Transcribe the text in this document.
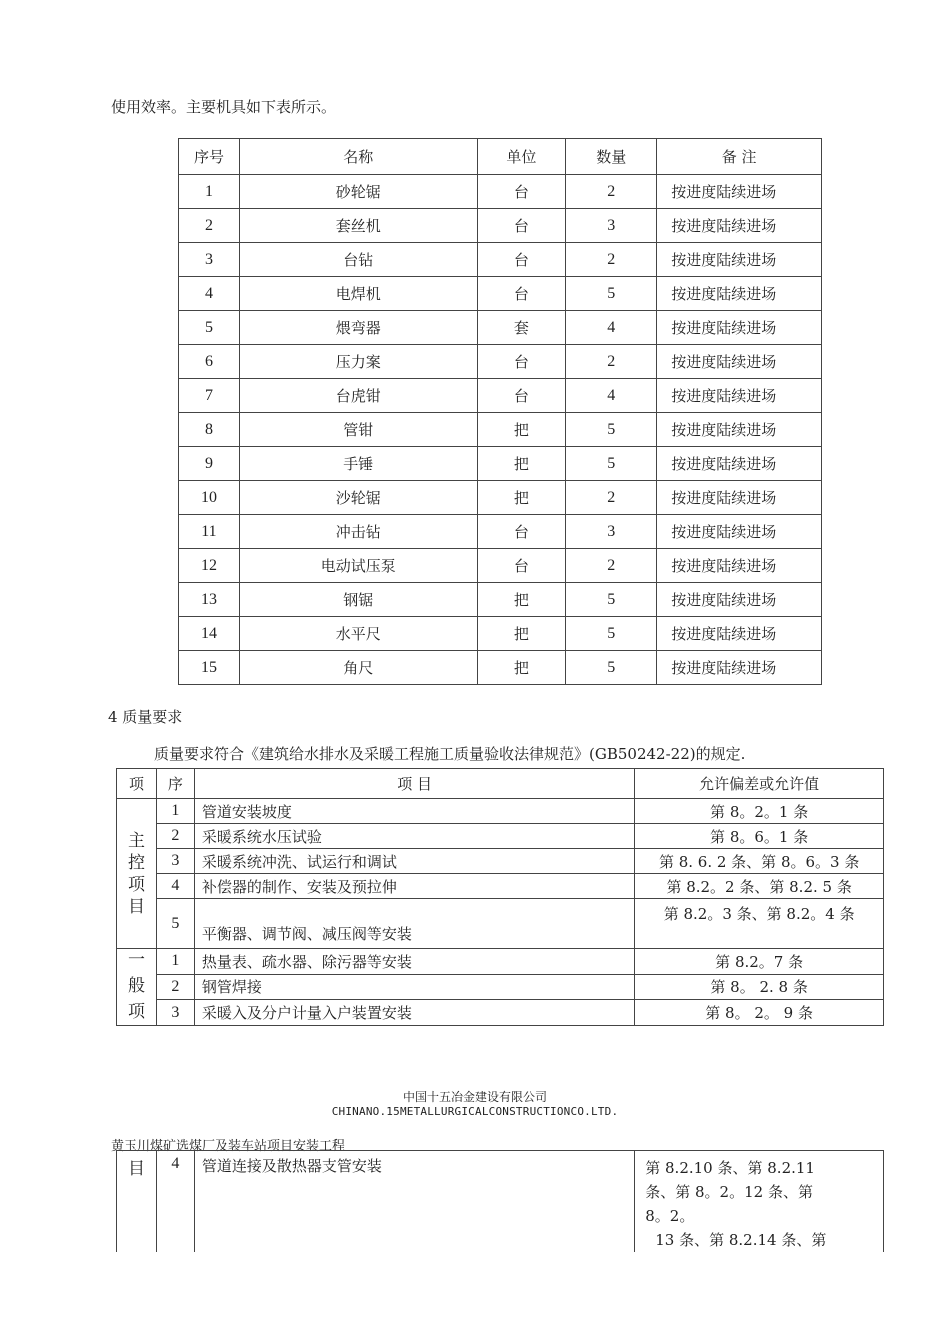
使用效率。主要机具如下表所示。
序号	名称	单位	数量	备 注
1	砂轮锯	台	2	按进度陆续进场
2	套丝机	台	3	按进度陆续进场
3	台钻	台	2	按进度陆续进场
4	电焊机	台	5	按进度陆续进场
5	煨弯器	套	4	按进度陆续进场
6	压力案	台	2	按进度陆续进场
7	台虎钳	台	4	按进度陆续进场
8	管钳	把	5	按进度陆续进场
9	手锤	把	5	按进度陆续进场
10	沙轮锯	把	2	按进度陆续进场
11	冲击钻	台	3	按进度陆续进场
12	电动试压泵	台	2	按进度陆续进场
13	钢锯	把	5	按进度陆续进场
14	水平尺	把	5	按进度陆续进场
15	角尺	把	5	按进度陆续进场
4 质量要求
质量要求符合《建筑给水排水及采暖工程施工质量验收法律规范》(GB50242-22)的规定.
项	序	项 目	允许偏差或允许值

主
控
项
目	1	管道安装坡度	第 8。2。1 条
	2	采暖系统水压试验	第 8。6。1 条
	3	采暖系统冲洗、试运行和调试	第 8. 6. 2 条、第 8。6。3 条
	4	补偿器的制作、安装及预拉伸	第 8.2。2 条、第 8.2. 5 条
	5	平衡器、调节阀、减压阀等安装	第 8.2。3 条、第 8.2。4 条

一
般
项	1	热量表、疏水器、除污器等安装	第 8.2。7 条
	2	钢管焊接	第 8。 2. 8 条
	3	采暖入及分户计量入户装置安装	第 8。 2。 9 条
中国十五冶金建设有限公司
CHINANO.15METALLURGICALCONSTRUCTIONCO.LTD.
黄玉川煤矿选煤厂及装车站项目安装工程
目	4	管道连接及散热器支管安装	第 8.2.10 条、第 8.2.11
条、第 8。2。12 条、第
8。2。
13 条、第 8.2.14 条、第
